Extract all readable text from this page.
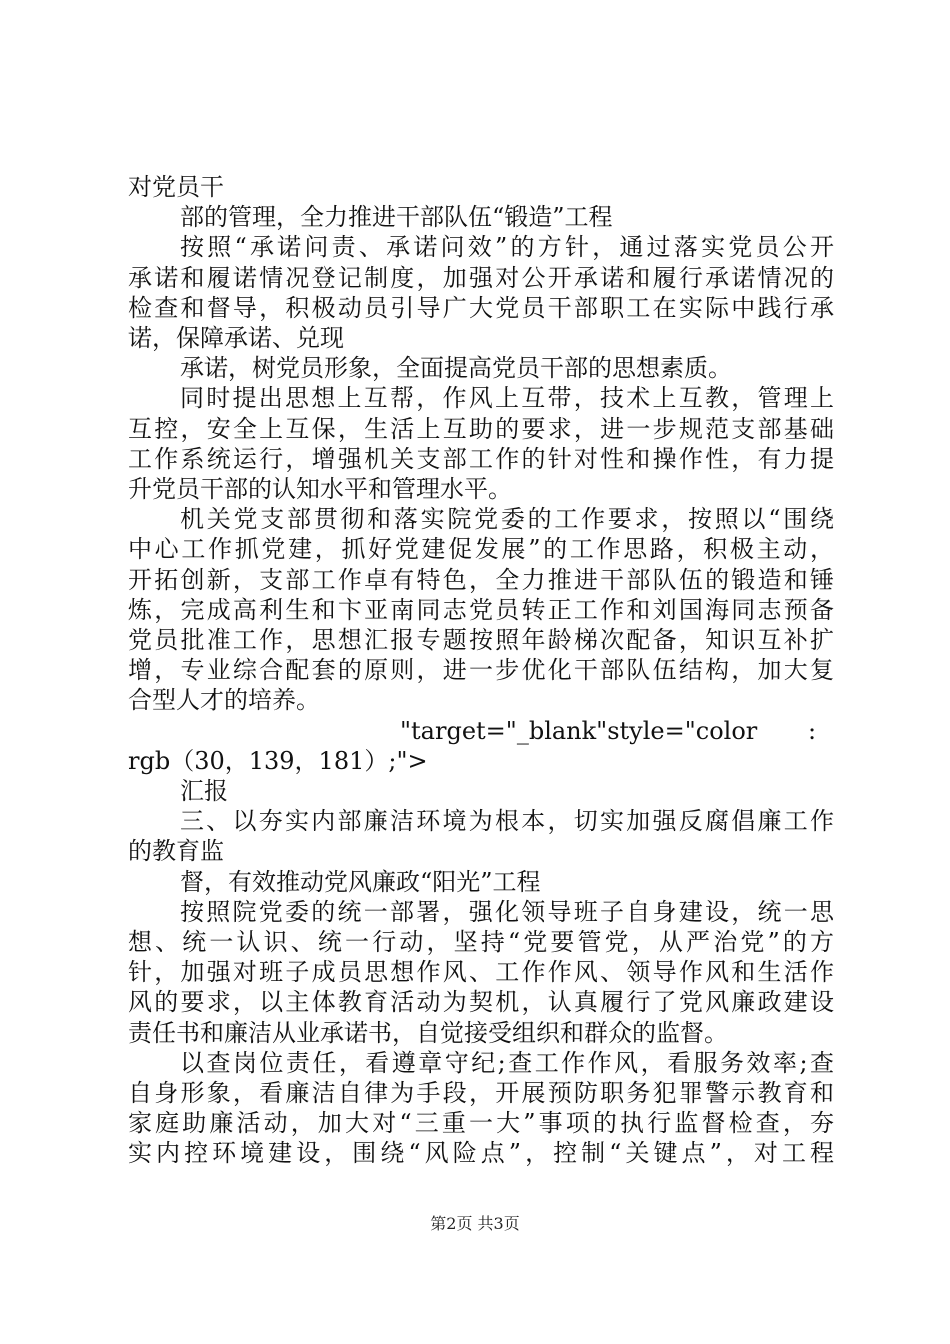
对党员干
部的管理，全力推进干部队伍“锻造”工程
按照“承诺问责、承诺问效”的方针，通过落实党员公开
承诺和履诺情况登记制度，加强对公开承诺和履行承诺情况的
检查和督导，积极动员引导广大党员干部职工在实际中践行承
诺，保障承诺、兑现
承诺，树党员形象，全面提高党员干部的思想素质。
同时提出思想上互帮，作风上互带，技术上互教，管理上
互控，安全上互保，生活上互助的要求，进一步规范支部基础
工作系统运行，增强机关支部工作的针对性和操作性，有力提
升党员干部的认知水平和管理水平。
机关党支部贯彻和落实院党委的工作要求，按照以“围绕
中心工作抓党建，抓好党建促发展”的工作思路，积极主动，
开拓创新，支部工作卓有特色，全力推进干部队伍的锻造和锤
炼，完成高利生和卞亚南同志党员转正工作和刘国海同志预备
党员批准工作，思想汇报专题按照年龄梯次配备，知识互补扩
增，专业综合配套的原则，进一步优化干部队伍结构，加大复
合型人才的培养。
"target="_blank"style="color	:
rgb（30，139，181）;">
汇报
三、以夯实内部廉洁环境为根本，切实加强反腐倡廉工作
的教育监
督，有效推动党风廉政“阳光”工程
按照院党委的统一部署，强化领导班子自身建设，统一思
想、统一认识、统一行动，坚持“党要管党，从严治党”的方
针，加强对班子成员思想作风、工作作风、领导作风和生活作
风的要求，以主体教育活动为契机，认真履行了党风廉政建设
责任书和廉洁从业承诺书，自觉接受组织和群众的监督。
以查岗位责任，看遵章守纪;查工作作风，看服务效率;查
自身形象，看廉洁自律为手段，开展预防职务犯罪警示教育和
家庭助廉活动，加大对“三重一大”事项的执行监督检查，夯
实内控环境建设，围绕“风险点”，控制“关键点”，对工程
第2页 共3页
